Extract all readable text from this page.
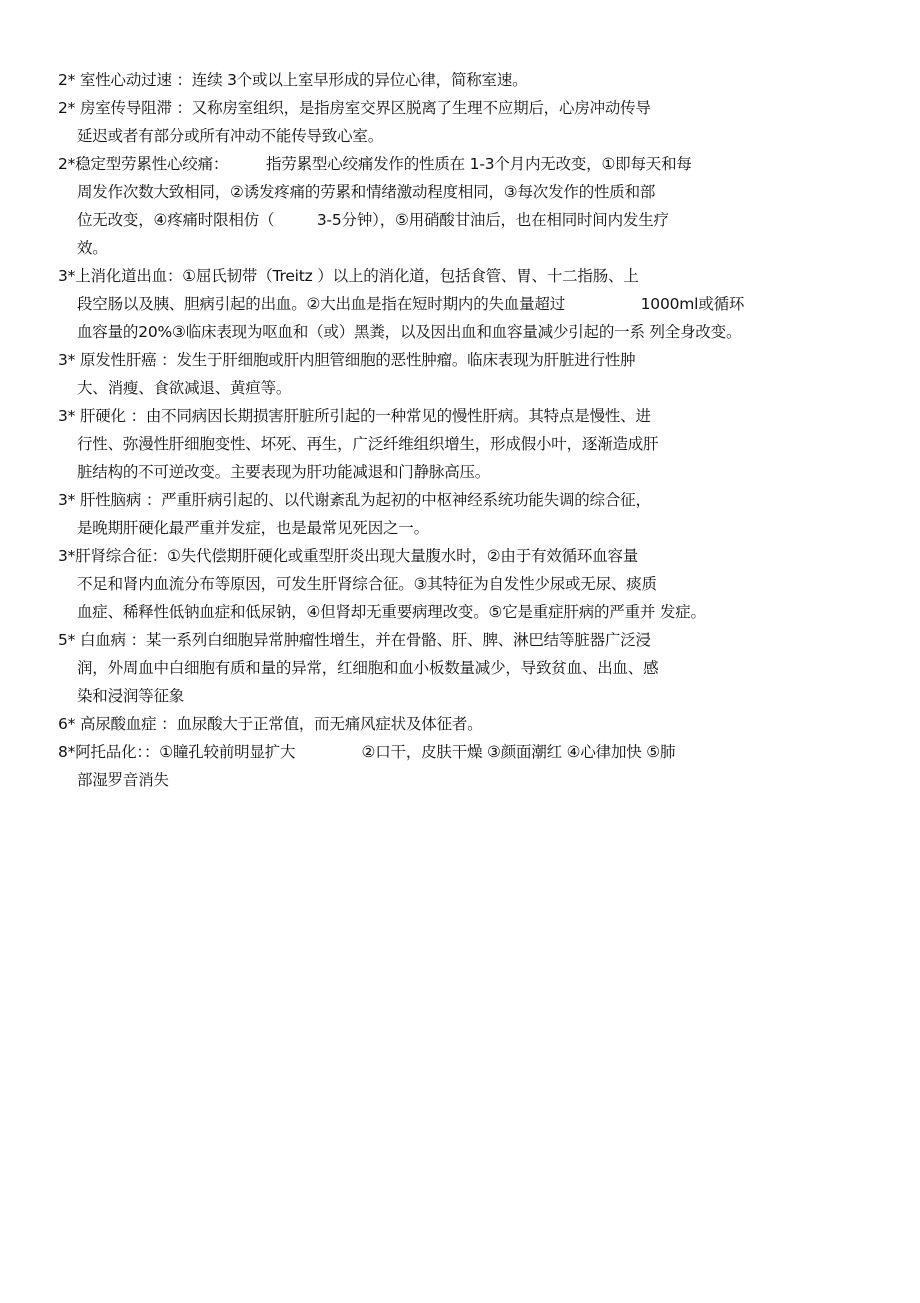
2* 室性心动过速 ：连续 3个或以上室早形成的异位心律，简称室速。
2* 房室传导阻滞 ：又称房室组织，是指房室交界区脱离了生理不应期后，心房冲动传导
延迟或者有部分或所有冲动不能传导致心室。
2*稳定型劳累性心绞痛：        指劳累型心绞痛发作的性质在 1-3个月内无改变，①即每天和每
周发作次数大致相同，②诱发疼痛的劳累和情绪激动程度相同，③每次发作的性质和部
位无改变，④疼痛时限相仿（         3-5分钟），⑤用硝酸甘油后，也在相同时间内发生疗
效。
3*上消化道出血：①屈氏韧带（Treitz ）以上的消化道，包括食管、胃、十二指肠、上
段空肠以及胰、胆病引起的出血。②大出血是指在短时期内的失血量超过                1000ml或循环
血容量的20%③临床表现为呕血和（或）黑粪，以及因出血和血容量减少引起的一系 列全身改变。
3* 原发性肝癌 ：发生于肝细胞或肝内胆管细胞的恶性肿瘤。临床表现为肝脏进行性肿
大、消瘦、食欲减退、黄疸等。
3* 肝硬化 ：由不同病因长期损害肝脏所引起的一种常见的慢性肝病。其特点是慢性、进
行性、弥漫性肝细胞变性、坏死、再生，广泛纤维组织增生，形成假小叶，逐渐造成肝
脏结构的不可逆改变。主要表现为肝功能减退和门静脉高压。
3* 肝性脑病 ：严重肝病引起的、以代谢紊乱为起初的中枢神经系统功能失调的综合征，
是晚期肝硬化最严重并发症，也是最常见死因之一。
3*肝肾综合征：①失代偿期肝硬化或重型肝炎出现大量腹水时，②由于有效循环血容量
不足和肾内血流分布等原因，可发生肝肾综合征。③其特征为自发性少尿或无尿、痰质
血症、稀释性低钠血症和低尿钠，④但肾却无重要病理改变。⑤它是重症肝病的严重并 发症。
5* 白血病 ：某一系列白细胞异常肿瘤性增生，并在骨骼、肝、脾、淋巴结等脏器广泛浸
润，外周血中白细胞有质和量的异常，红细胞和血小板数量减少，导致贫血、出血、感
染和浸润等征象
6* 高尿酸血症 ：血尿酸大于正常值，而无痛风症状及体征者。
8*阿托品化：：①瞳孔较前明显扩大              ②口干，皮肤干燥 ③颜面潮红 ④心律加快 ⑤肺
部湿罗音消失
